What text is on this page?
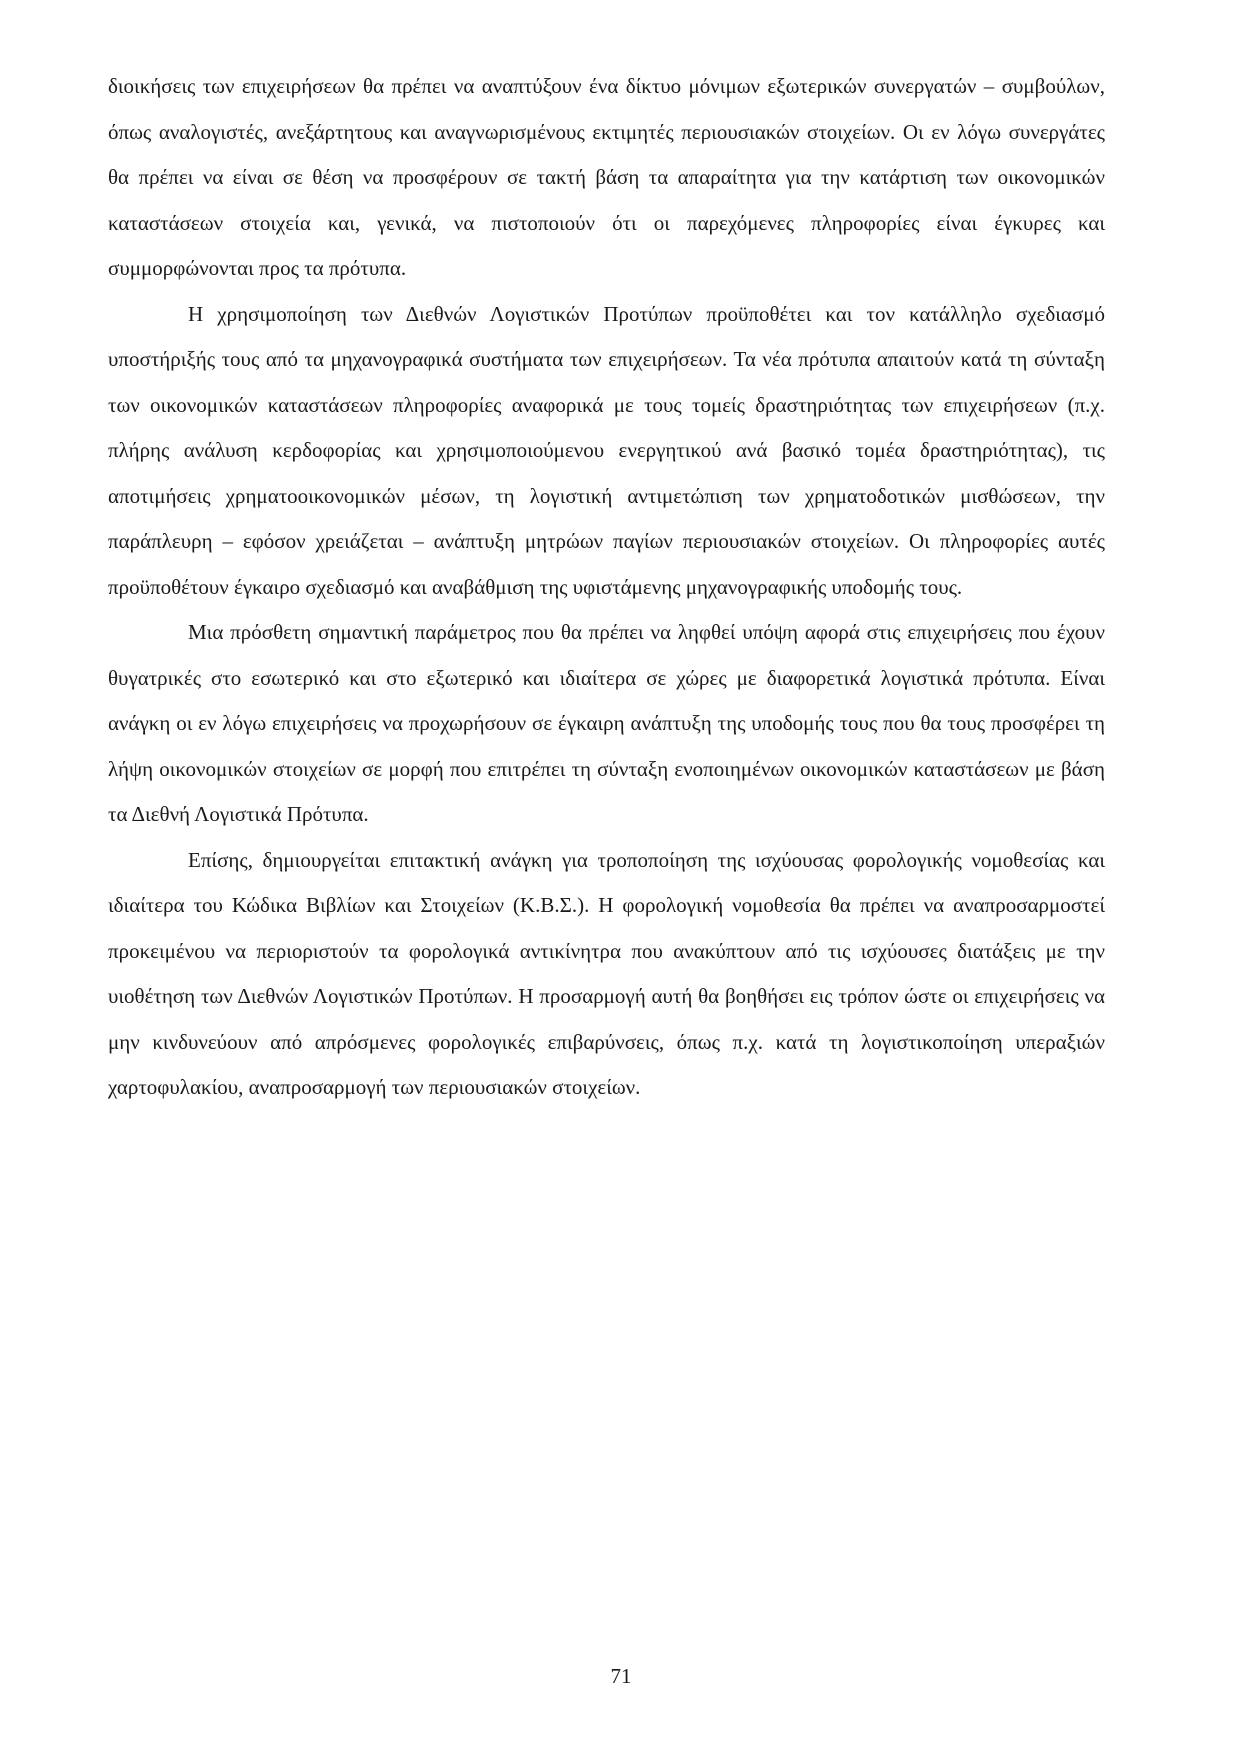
διοικήσεις των επιχειρήσεων θα πρέπει να αναπτύξουν ένα δίκτυο μόνιμων εξωτερικών συνεργατών – συμβούλων, όπως αναλογιστές, ανεξάρτητους και αναγνωρισμένους εκτιμητές περιουσιακών στοιχείων. Οι εν λόγω συνεργάτες θα πρέπει να είναι σε θέση να προσφέρουν σε τακτή βάση τα απαραίτητα για την κατάρτιση των οικονομικών καταστάσεων στοιχεία και, γενικά, να πιστοποιούν ότι οι παρεχόμενες πληροφορίες είναι έγκυρες και συμμορφώνονται προς τα πρότυπα.

Η χρησιμοποίηση των Διεθνών Λογιστικών Προτύπων προϋποθέτει και τον κατάλληλο σχεδιασμό υποστήριξής τους από τα μηχανογραφικά συστήματα των επιχειρήσεων. Τα νέα πρότυπα απαιτούν κατά τη σύνταξη των οικονομικών καταστάσεων πληροφορίες αναφορικά με τους τομείς δραστηριότητας των επιχειρήσεων (π.χ. πλήρης ανάλυση κερδοφορίας και χρησιμοποιούμενου ενεργητικού ανά βασικό τομέα δραστηριότητας), τις αποτιμήσεις χρηματοοικονομικών μέσων, τη λογιστική αντιμετώπιση των χρηματοδοτικών μισθώσεων, την παράπλευρη – εφόσον χρειάζεται – ανάπτυξη μητρώων παγίων περιουσιακών στοιχείων. Οι πληροφορίες αυτές προϋποθέτουν έγκαιρο σχεδιασμό και αναβάθμιση της υφιστάμενης μηχανογραφικής υποδομής τους.

Μια πρόσθετη σημαντική παράμετρος που θα πρέπει να ληφθεί υπόψη αφορά στις επιχειρήσεις που έχουν θυγατρικές στο εσωτερικό και στο εξωτερικό και ιδιαίτερα σε χώρες με διαφορετικά λογιστικά πρότυπα. Είναι ανάγκη οι εν λόγω επιχειρήσεις να προχωρήσουν σε έγκαιρη ανάπτυξη της υποδομής τους που θα τους προσφέρει τη λήψη οικονομικών στοιχείων σε μορφή που επιτρέπει τη σύνταξη ενοποιημένων οικονομικών καταστάσεων με βάση τα Διεθνή Λογιστικά Πρότυπα.

Επίσης, δημιουργείται επιτακτική ανάγκη για τροποποίηση της ισχύουσας φορολογικής νομοθεσίας και ιδιαίτερα του Κώδικα Βιβλίων και Στοιχείων (Κ.Β.Σ.). Η φορολογική νομοθεσία θα πρέπει να αναπροσαρμοστεί προκειμένου να περιοριστούν τα φορολογικά αντικίνητρα που ανακύπτουν από τις ισχύουσες διατάξεις με την υιοθέτηση των Διεθνών Λογιστικών Προτύπων. Η προσαρμογή αυτή θα βοηθήσει εις τρόπον ώστε οι επιχειρήσεις να μην κινδυνεύουν από απρόσμενες φορολογικές επιβαρύνσεις, όπως π.χ. κατά τη λογιστικοποίηση υπεραξιών χαρτοφυλακίου, αναπροσαρμογή των περιουσιακών στοιχείων.

71
